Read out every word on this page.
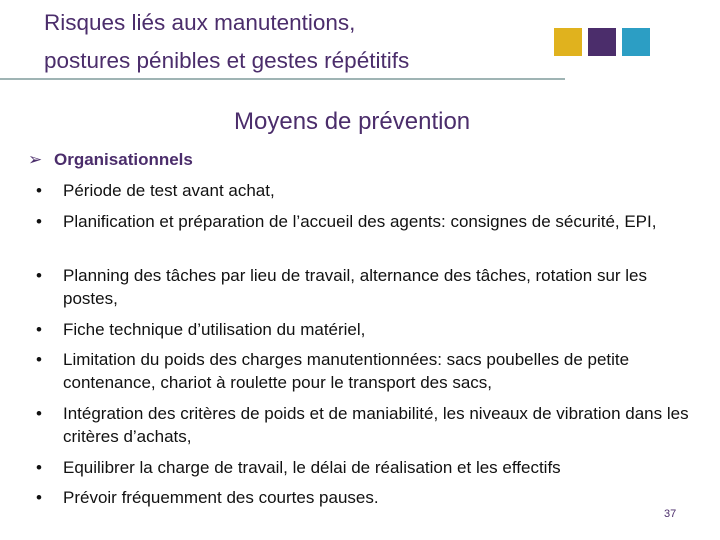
Risques liés aux manutentions,
postures pénibles et gestes répétitifs
Moyens de prévention
➢ Organisationnels
•	Période de test avant achat,
•	Planification et préparation de l’accueil des agents: consignes de sécurité, EPI,
•	Planning des tâches par lieu de travail, alternance des tâches, rotation sur les postes,
•	Fiche technique d’utilisation du matériel,
•	Limitation du poids des charges manutentionnées: sacs poubelles de petite contenance, chariot à roulette pour le transport des sacs,
•	Intégration des critères de poids et de maniabilité, les niveaux de vibration dans les critères d’achats,
•	Equilibrer la charge de travail, le délai de réalisation et les effectifs
•	Prévoir fréquemment des courtes pauses.
37
